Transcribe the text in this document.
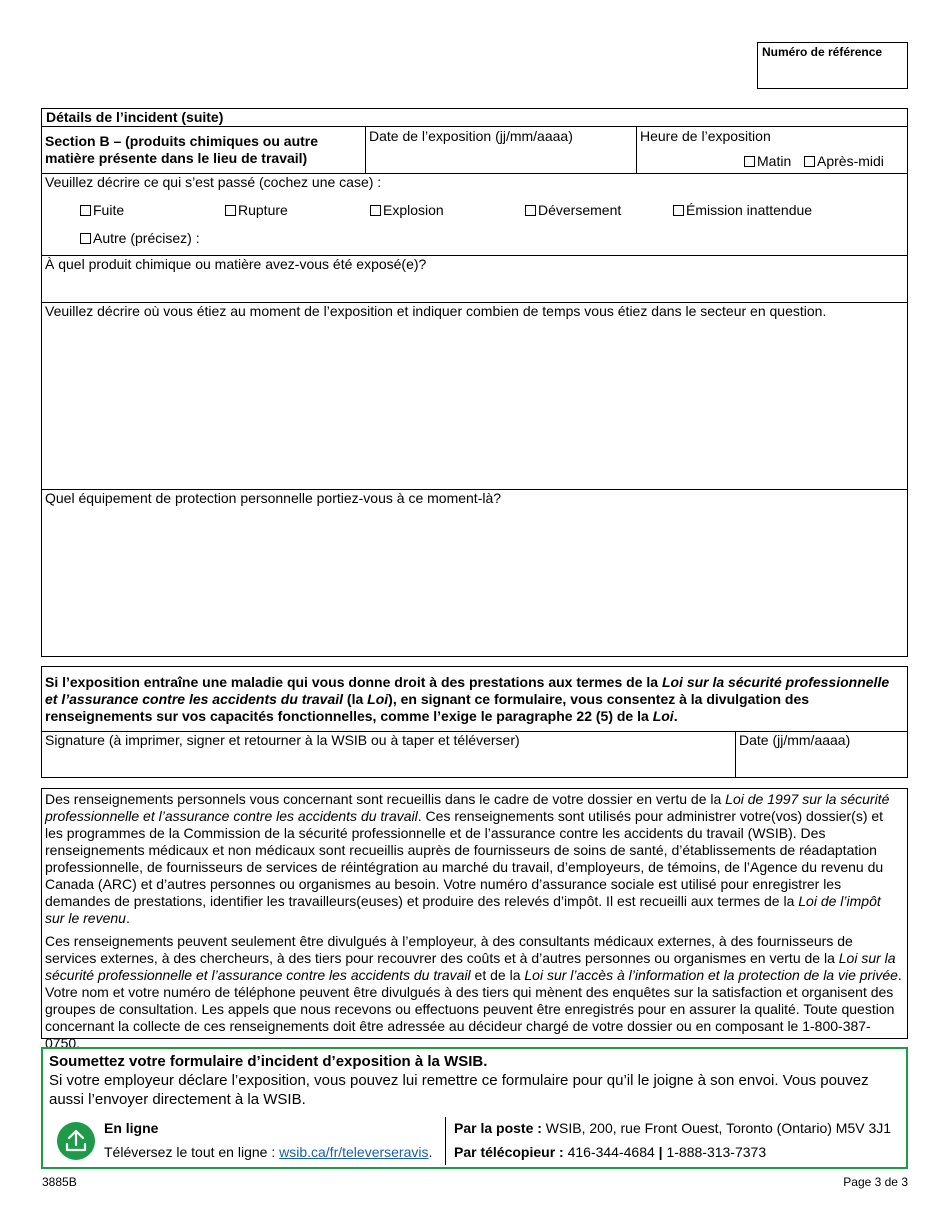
Numéro de référence
Détails de l’incident (suite)
Section B – (produits chimiques ou autre matière présente dans le lieu de travail)
Date de l’exposition (jj/mm/aaaa)	Heure de l’exposition
Matin	Après-midi
Veuillez décrire ce qui s’est passé (cochez une case) :
Fuite	Rupture	Explosion	Déversement	Émission inattendue
Autre (précisez) :
À quel produit chimique ou matière avez-vous été exposé(e)?
Veuillez décrire où vous étiez au moment de l’exposition et indiquer combien de temps vous étiez dans le secteur en question.
Quel équipement de protection personnelle portiez-vous à ce moment-là?
Si l’exposition entraîne une maladie qui vous donne droit à des prestations aux termes de la Loi sur la sécurité professionnelle et l’assurance contre les accidents du travail (la Loi), en signant ce formulaire, vous consentez à la divulgation des renseignements sur vos capacités fonctionnelles, comme l’exige le paragraphe 22 (5) de la Loi.
Signature (à imprimer, signer et retourner à la WSIB ou à taper et téléverser)	Date (jj/mm/aaaa)

Des renseignements personnels vous concernant sont recueillis dans le cadre de votre dossier en vertu de la Loi de 1997 sur la sécurité professionnelle et l’assurance contre les accidents du travail. Ces renseignements sont utilisés pour administrer votre(vos) dossier(s) et les programmes de la Commission de la sécurité professionnelle et de l’assurance contre les accidents du travail (WSIB). Des renseignements médicaux et non médicaux sont recueillis auprès de fournisseurs de soins de santé, d’établissements de réadaptation professionnelle, de fournisseurs de services de réintégration au marché du travail, d’employeurs, de témoins, de l’Agence du revenu du Canada (ARC) et d’autres personnes ou organismes au besoin. Votre numéro d’assurance sociale est utilisé pour enregistrer les demandes de prestations, identifier les travailleurs(euses) et produire des relevés d’impôt. Il est recueilli aux termes de la Loi de l’impôt sur le revenu.

Ces renseignements peuvent seulement être divulgués à l’employeur, à des consultants médicaux externes, à des fournisseurs de services externes, à des chercheurs, à des tiers pour recouvrer des coûts et à d’autres personnes ou organismes en vertu de la Loi sur la sécurité professionnelle et l’assurance contre les accidents du travail et de la Loi sur l’accès à l’information et la protection de la vie privée. Votre nom et votre numéro de téléphone peuvent être divulgués à des tiers qui mènent des enquêtes sur la satisfaction et organisent des groupes de consultation. Les appels que nous recevons ou effectuons peuvent être enregistrés pour en assurer la qualité. Toute question concernant la collecte de ces renseignements doit être adressée au décideur chargé de votre dossier ou en composant le 1-800-387-0750.

Soumettez votre formulaire d’incident d’exposition à la WSIB.
Si votre employeur déclare l’exposition, vous pouvez lui remettre ce formulaire pour qu’il le joigne à son envoi. Vous pouvez aussi l’envoyer directement à la WSIB.
En ligne
Téléversez le tout en ligne : wsib.ca/fr/televerseravis.
Par la poste : WSIB, 200, rue Front Ouest, Toronto (Ontario) M5V 3J1
Par télécopieur : 416-344-4684 | 1-888-313-7373
3885B	Page 3 de 3
